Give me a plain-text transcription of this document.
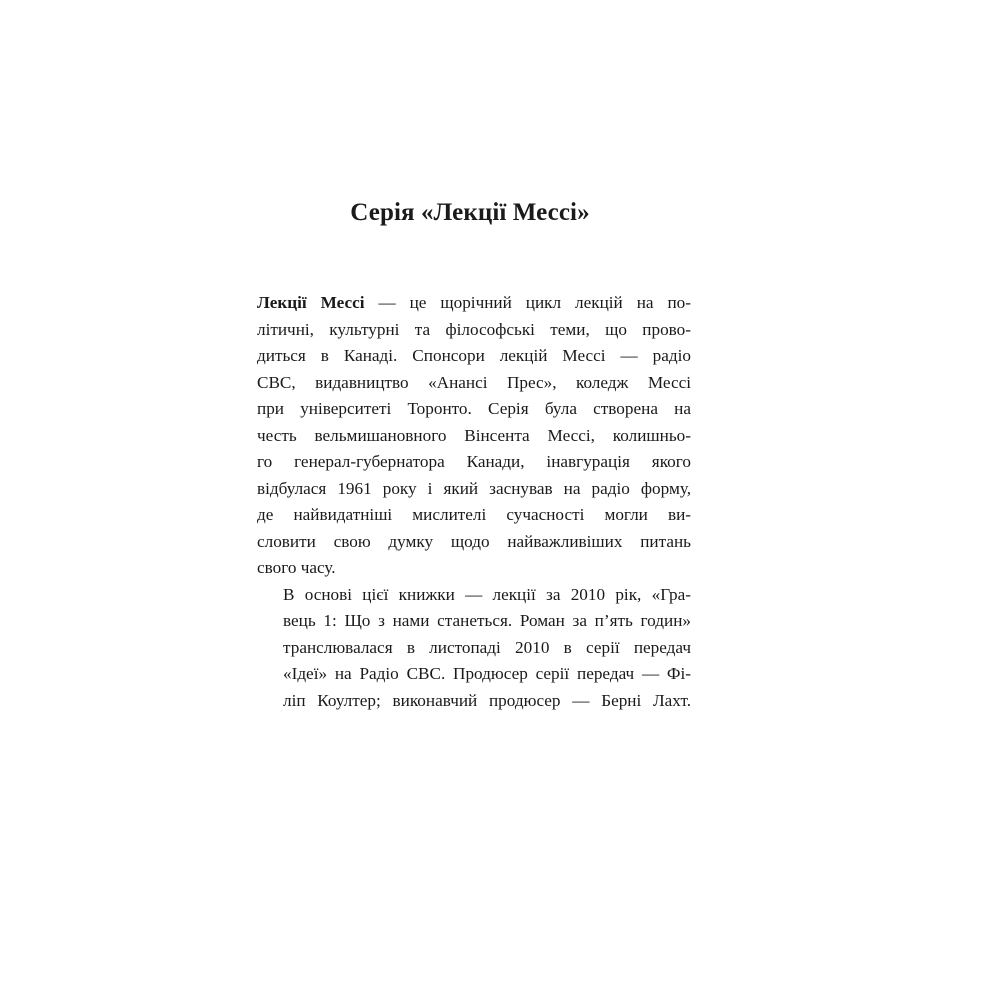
Серія «Лекції Мессі»

Лекції Мессі — це щорічний цикл лекцій на по-
літичні, культурні та філософські теми, що прово-
диться в Канаді. Спонсори лекцій Мессі — радіо
CBC, видавництво «Ананcі Прес», коледж Мессі
при університеті Торонто. Серія була створена на
честь вельмишановного Вінсента Мессі, колишньо-
го генерал-губернатора Канади, інавгурація якого
відбулася 1961 року і який заснував на радіо форму,
де найвидатніші мислителі сучасності могли ви-
словити свою думку щодо найважливіших питань
свого часу.

В основі цієї книжки — лекції за 2010 рік, «Гра-
вець 1: Що з нами станеться. Роман за п’ять годин»
транслювалася в листопаді 2010 в серії передач
«Ідеї» на Радіо CBC. Продюсер серії передач — Фі-
ліп Коултер; виконавчий продюсер — Берні Лахт.
